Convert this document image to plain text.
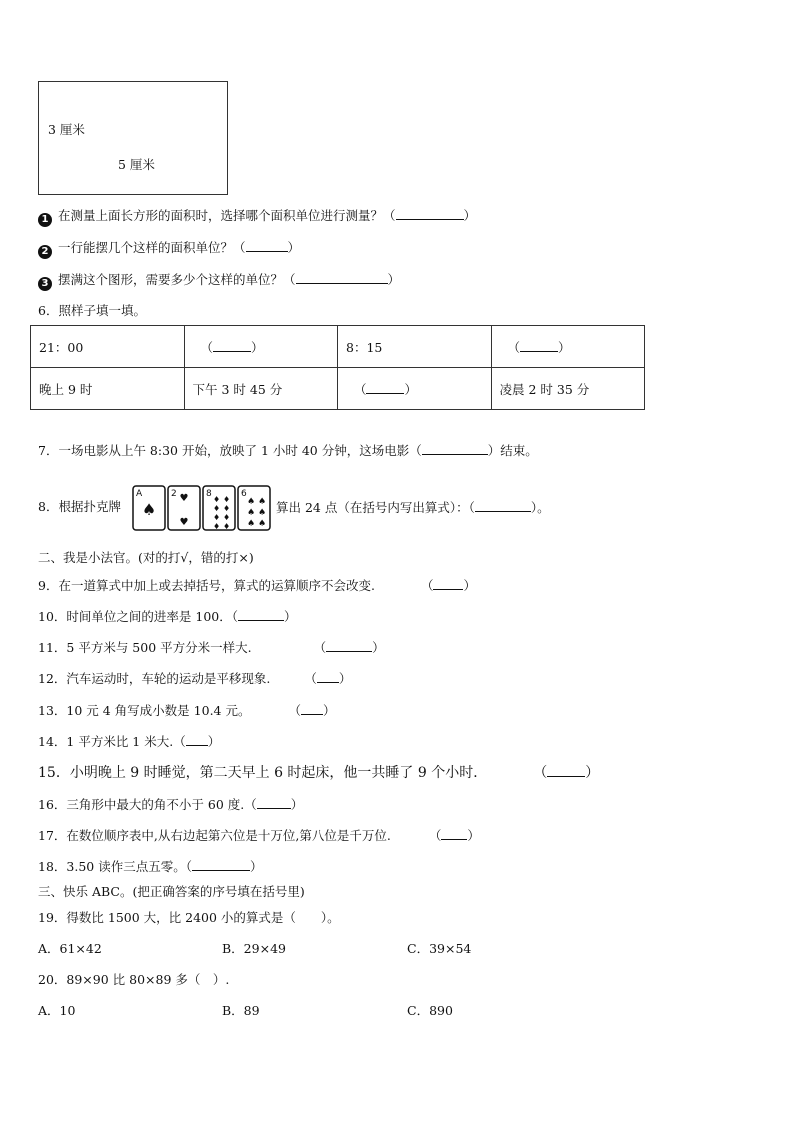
3 厘米
5 厘米
1 在测量上面长方形的面积时，选择哪个面积单位进行测量？（	）
2 一行能摆几个这样的面积单位？（	）
3 摆满这个图形，需要多少个这样的单位？（	）
6．照样子填一填。
21：00	（ ）	8：15	（ ）
晚上 9 时	下午 3 时 45 分	（ ）	凌晨 2 时 35 分
7．一场电影从上午 8:30 开始，放映了 1 小时 40 分钟，这场电影（	）结束。
8．根据扑克牌
A
♠
2 ♥
♥
8
♦ ♦
♦ ♦
♦ ♦
♦ ♦
6
♠ ♠
♠ ♠
♠ ♠
算出 24 点（在括号内写出算式）：（	）。
二、我是小法官。(对的打√，错的打×)
9．在一道算式中加上或去掉括号，算式的运算顺序不会改变.	（ ）
10．时间单位之间的进率是 100．（	）
11．5 平方米与 500 平方分米一样大.	（	）
12．汽车运动时，车轮的运动是平移现象.	（ ）
13．10 元 4 角写成小数是 10.4 元。	（ ）
14．1 平方米比 1 米大.（ ）
15．小明晚上 9 时睡觉，第二天早上 6 时起床，他一共睡了 9 个小时．	（	）
16．三角形中最大的角不小于 60 度.（	）
17．在数位顺序表中,从右边起第六位是十万位,第八位是千万位.	（ ）
18．3.50 读作三点五零。（	）
三、快乐 ABC。(把正确答案的序号填在括号里)
19．得数比 1500 大，比 2400 小的算式是（　　）。
A．61×42	B．29×49	C．39×54
20．89×90 比 80×89 多（　）.
A．10	B．89	C．890
